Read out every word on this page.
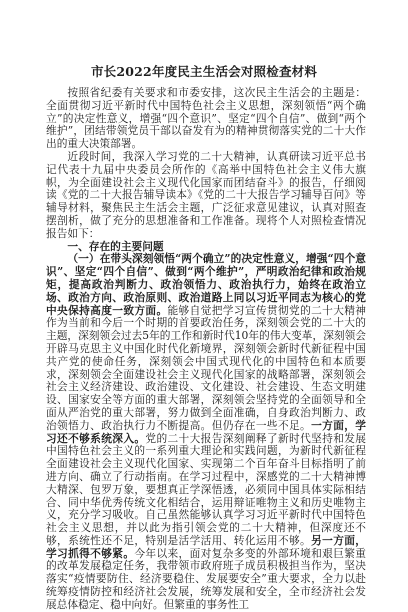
市长2022年度民主生活会对照检查材料

按照省纪委有关要求和市委安排，这次民主生活会的主题是：全面贯彻习近平新时代中国特色社会主义思想，深刻领悟“两个确立”的决定性意义，增强“四个意识”、坚定“四个自信”、做到“两个维护”，团结带领党员干部以奋发有为的精神贯彻落实党的二十大作出的重大决策部署。

近段时间，我深入学习党的二十大精神，认真研读习近平总书记代表十九届中央委员会所作的《高举中国特色社会主义伟大旗帜，为全面建设社会主义现代化国家而团结奋斗》的报告，仔细阅读《党的二十大报告辅导读本》《党的二十大报告学习辅导百问》等辅导材料，聚焦民主生活会主题，广泛征求意见建议，认真对照查摆剖析，做了充分的思想准备和工作准备。现将个人对照检查情况报告如下：

一、存在的主要问题

（一）在带头深刻领悟“两个确立”的决定性意义，增强“四个意识”、坚定“四个自信”、做到“两个维护”，严明政治纪律和政治规矩，提高政治判断力、政治领悟力、政治执行力，始终在政治立场、政治方向、政治原则、政治道路上同以习近平同志为核心的党中央保持高度一致方面。能够自觉把学习宣传贯彻党的二十大精神作为当前和今后一个时期的首要政治任务，深刻领会党的二十大的主题，深刻领会过去5年的工作和新时代10年的伟大变革，深刻领会开辟马克思主义中国化时代化新境界，深刻领会新时代新征程中国共产党的使命任务，深刻领会中国式现代化的中国特色和本质要求，深刻领会全面建设社会主义现代化国家的战略部署，深刻领会社会主义经济建设、政治建设、文化建设、社会建设、生态文明建设、国家安全等方面的重大部署，深刻领会坚持党的全面领导和全面从严治党的重大部署，努力做到全面准确，自身政治判断力、政治领悟力、政治执行力不断提高。但仍存在一些不足。一方面，学习还不够系统深入。党的二十大报告深刻阐释了新时代坚持和发展中国特色社会主义的一系列重大理论和实践问题，为新时代新征程全面建设社会主义现代化国家、实现第二个百年奋斗目标指明了前进方向、确立了行动指南。在学习过程中，深感党的二十大精神博大精深、包罗万象，要想真正学深悟透，必须同中国具体实际相结合、同中华优秀传统文化相结合，运用辩证唯物主义和历史唯物主义，充分学习吸收。自己虽然能够认真学习习近平新时代中国特色社会主义思想，并以此为指引领会党的二十大精神，但深度还不够，系统性还不足，特别是活学活用、转化运用不够。另一方面，学习抓得不够紧。今年以来，面对复杂多变的外部环境和艰巨繁重的改革发展稳定任务，我带领市政府班子成员积极担当作为，坚决落实“疫情要防住、经济要稳住、发展要安全”重大要求，全力以赴统筹疫情防控和经济社会发展，统筹发展和安全，全市经济社会发展总体稳定、稳中向好。但繁重的事务性工
